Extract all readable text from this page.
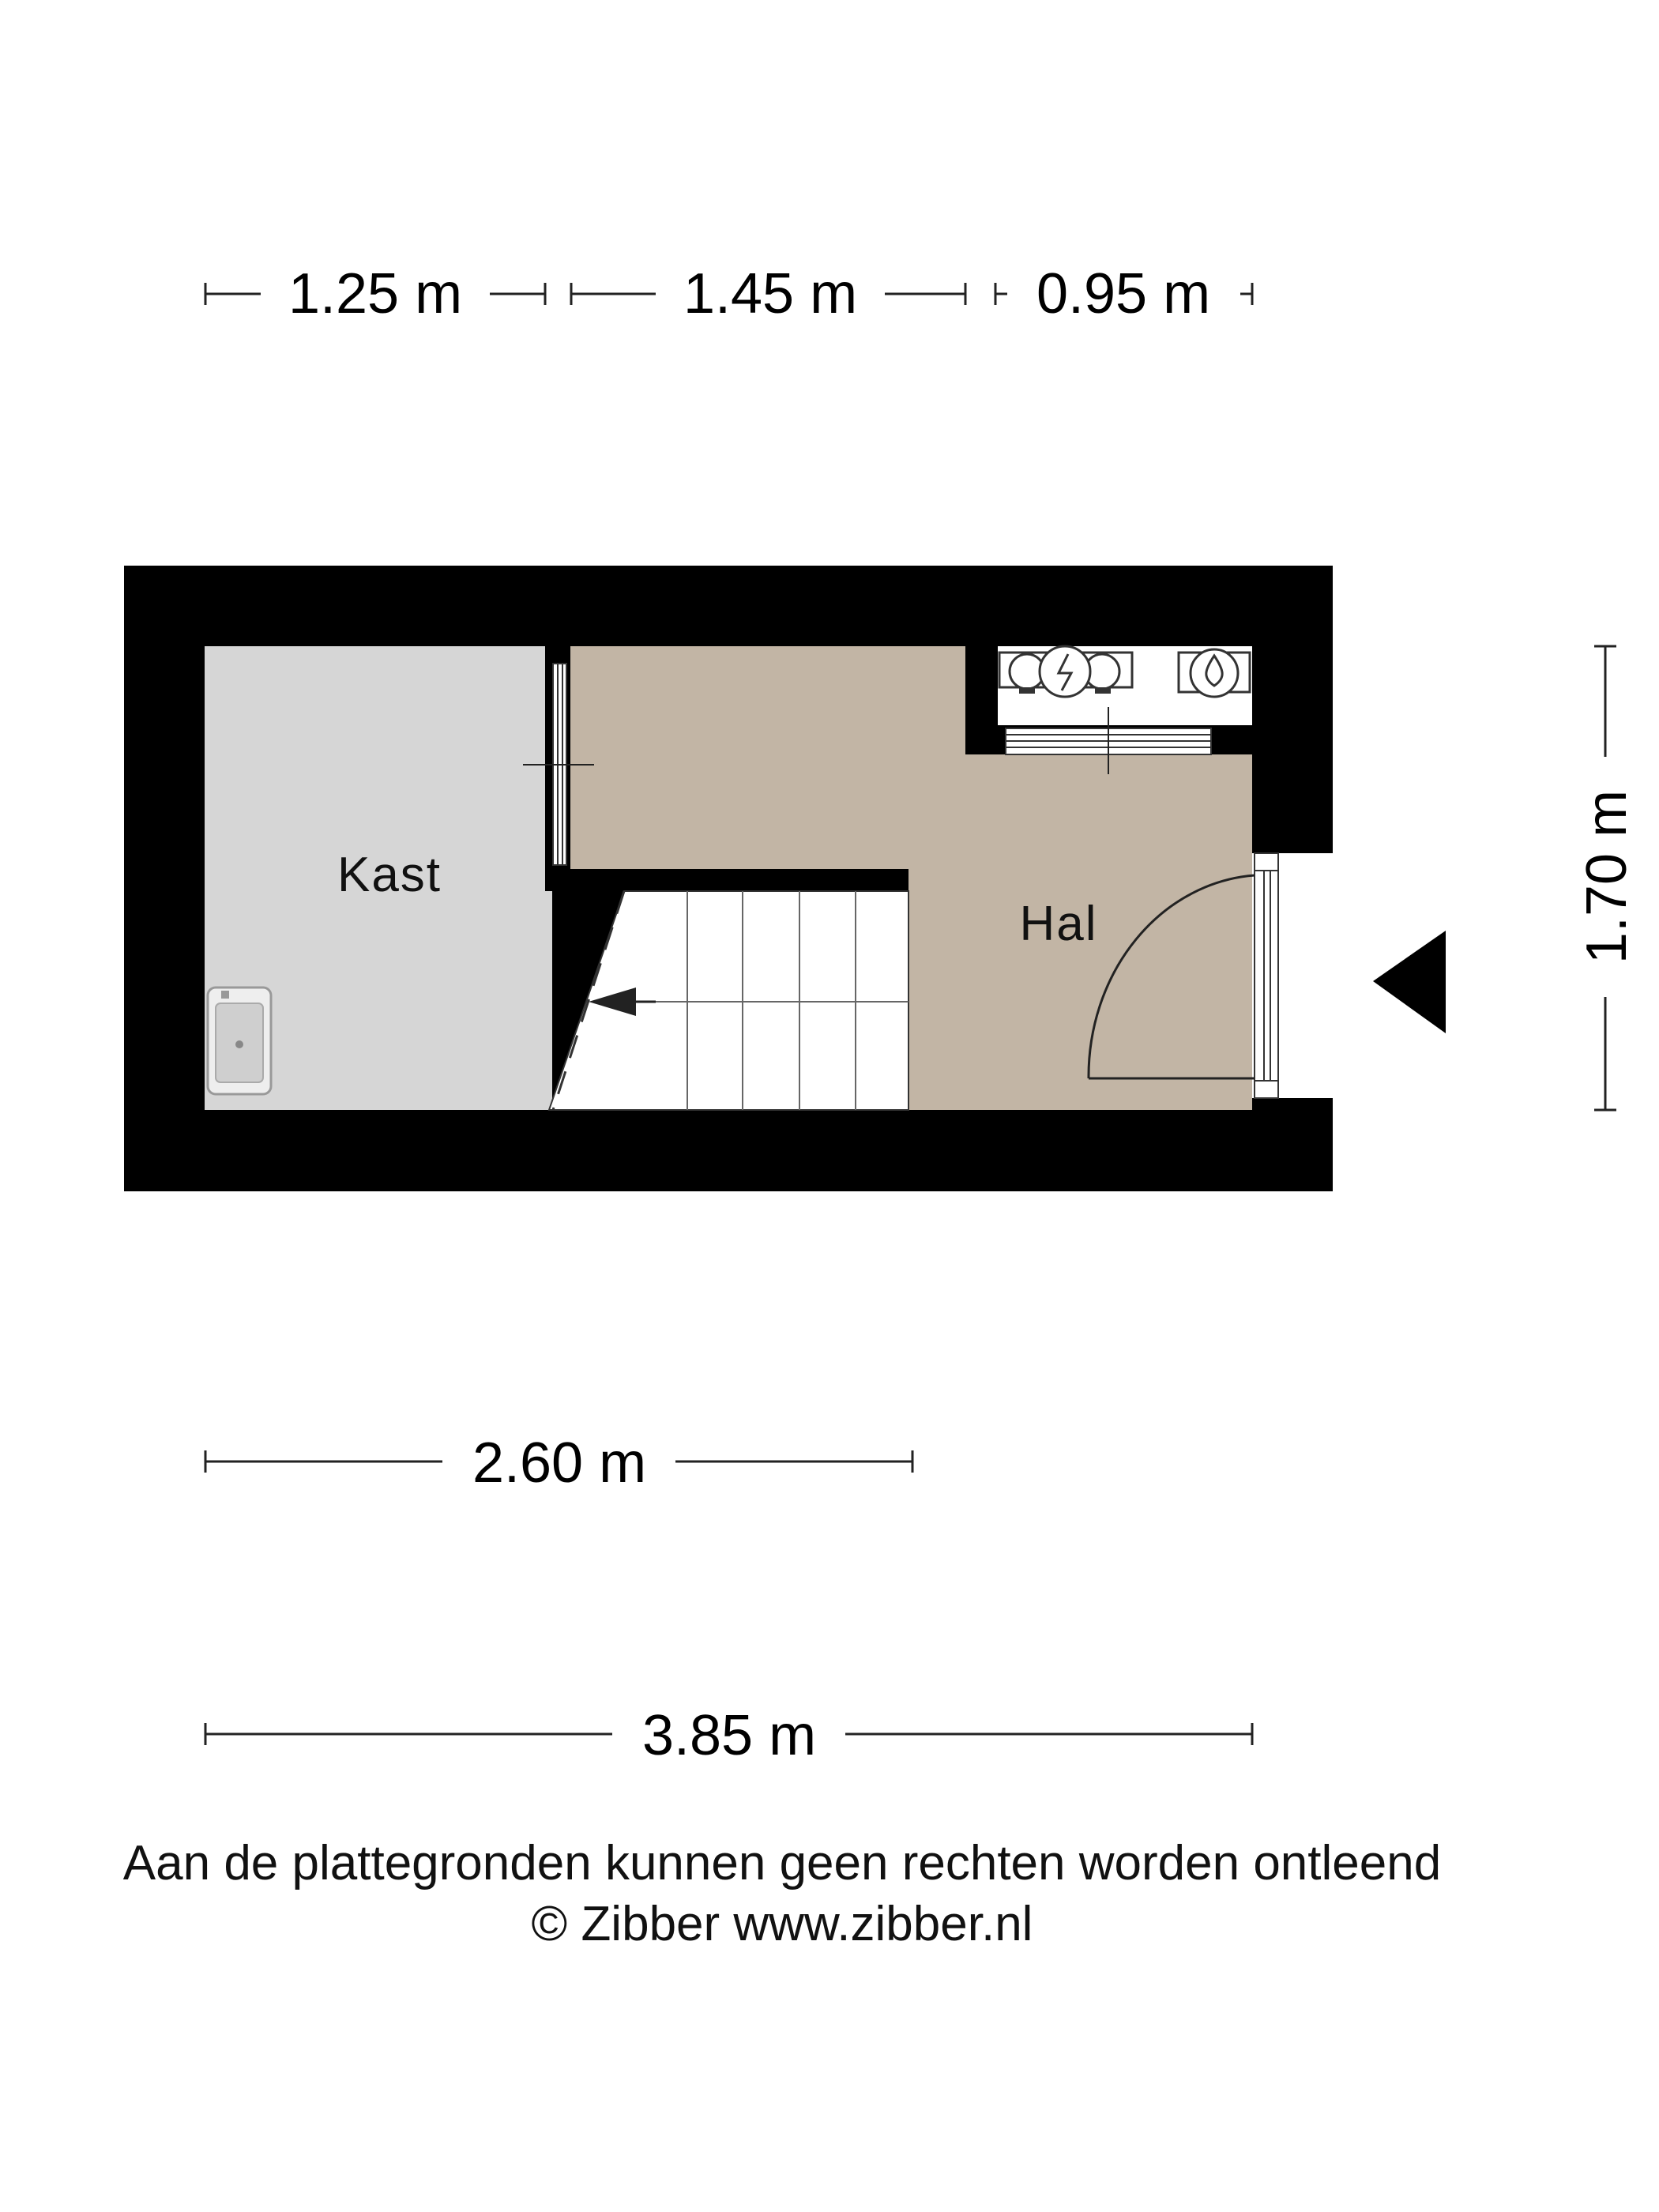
1.25 m	1.45 m	0.95 m
1.70 m
Kast
Hal
2.60 m
3.85 m
Aan de plattegronden kunnen geen rechten worden ontleend
© Zibber www.zibber.nl
